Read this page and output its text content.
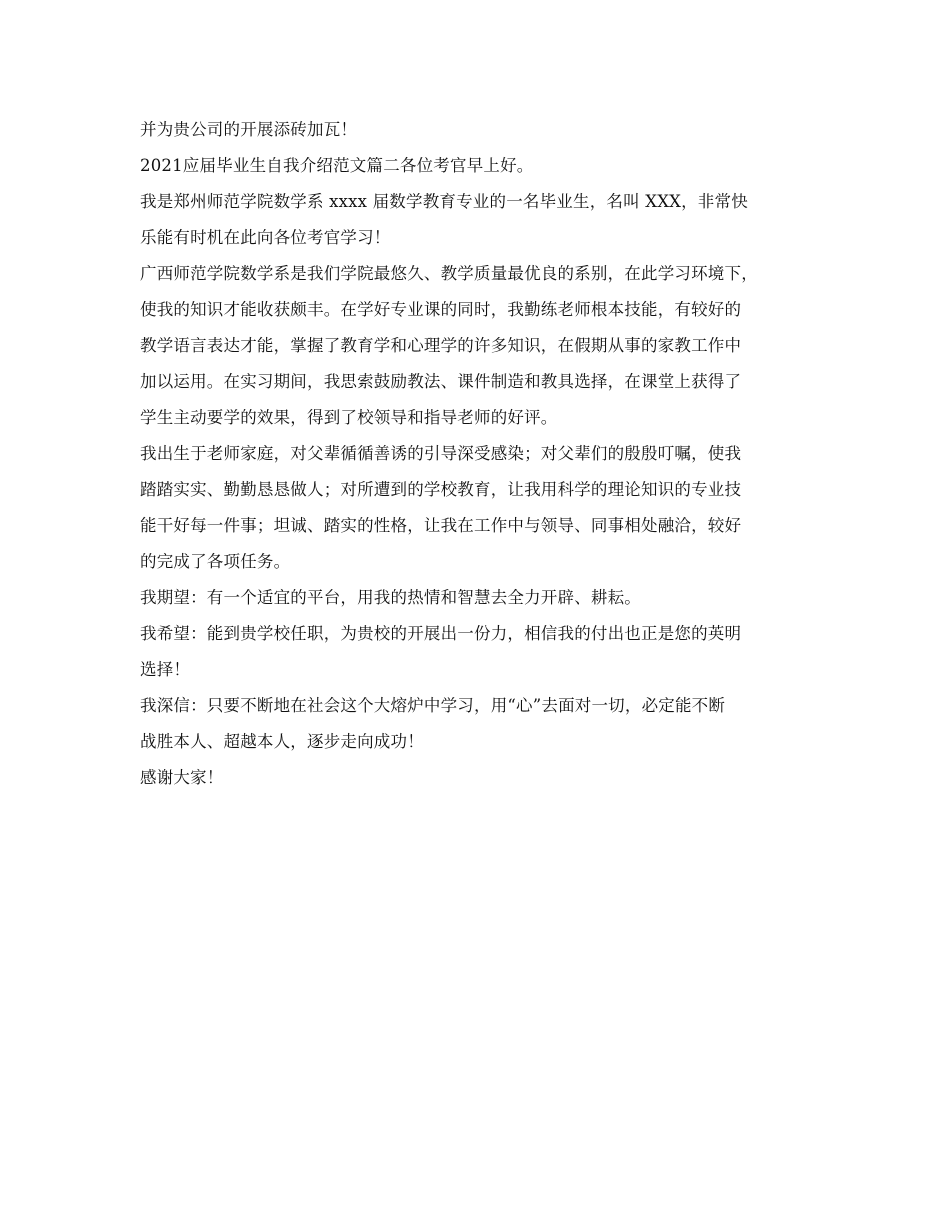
并为贵公司的开展添砖加瓦！
2021应届毕业生自我介绍范文篇二各位考官早上好。
我是郑州师范学院数学系 xxxx 届数学教育专业的一名毕业生，名叫 XXX，非常快
乐能有时机在此向各位考官学习！
广西师范学院数学系是我们学院最悠久、教学质量最优良的系别，在此学习环境下，
使我的知识才能收获颇丰。在学好专业课的同时，我勤练老师根本技能，有较好的
教学语言表达才能，掌握了教育学和心理学的许多知识，在假期从事的家教工作中
加以运用。在实习期间，我思索鼓励教法、课件制造和教具选择，在课堂上获得了
学生主动要学的效果，得到了校领导和指导老师的好评。
我出生于老师家庭，对父辈循循善诱的引导深受感染；对父辈们的殷殷叮嘱，使我
踏踏实实、勤勤恳恳做人；对所遭到的学校教育，让我用科学的理论知识的专业技
能干好每一件事；坦诚、踏实的性格，让我在工作中与领导、同事相处融洽，较好
的完成了各项任务。
我期望：有一个适宜的平台，用我的热情和智慧去全力开辟、耕耘。
我希望：能到贵学校任职，为贵校的开展出一份力，相信我的付出也正是您的英明
选择！
我深信：只要不断地在社会这个大熔炉中学习，用“心”去面对一切，必定能不断
战胜本人、超越本人，逐步走向成功！
感谢大家！
